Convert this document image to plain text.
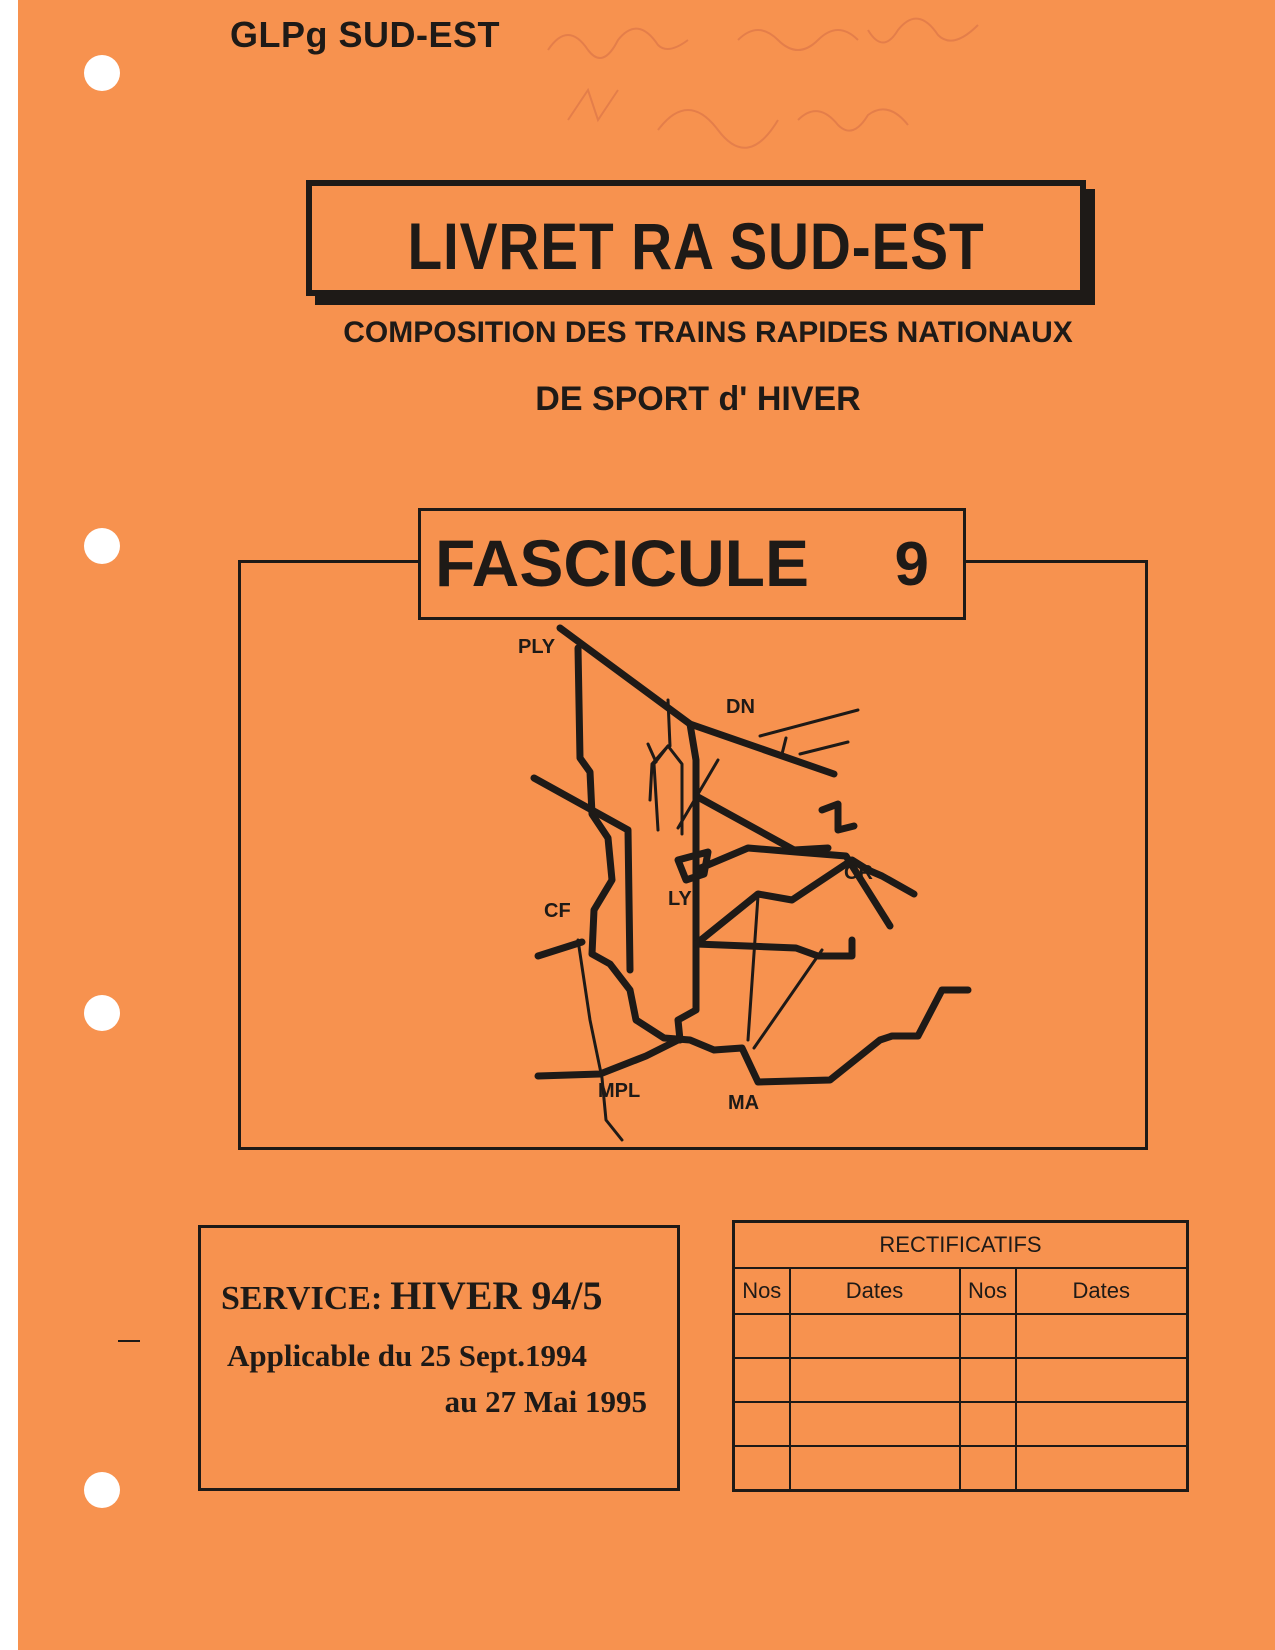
GLPg SUD-EST
LIVRET RA SUD-EST
COMPOSITION DES TRAINS RAPIDES NATIONAUX
DE SPORT d' HIVER
PLY
DN
CR
LY
CF
MPL
MA
FASCICULE 9
SERVICE: HIVER 94/5
Applicable du 25 Sept.1994
au 27 Mai 1995
RECTIFICATIFS			
Nos	Dates	Nos	Dates
